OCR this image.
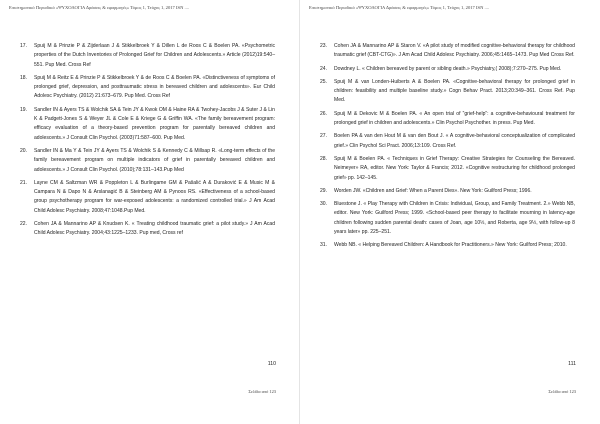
Επιστημονικό Περιοδικό «ΨΥΧΟΛΟΓΙΑ Δράσεις & εφαρμογές» Τόμος 1, Τεύχος 1, 2017 ISN ....
17. Spuij M & Prinzie P & Zijderlaan J & Stikkelbroek Y & Dillen L de Roos C & Boelen PA. «Psychometric properties of the Dutch Inventories of Prolonged Grief for Children and Adolescents.» Article (2012)19:540–551. Pup Med. Cross Ref
18. Spuij M & Reitz E & Prinzie P & Stikkelbroek Y & de Roos C & Boelen PA. «Distinctiveness of symptoms of prolonged grief, depression, and posttraumatic stress in bereaved children and adolescents». Eur Child Adolesc Psychiatry. (2012) 21:673–679. Pup Med. Cross Ref
19. Sandler IN & Ayers TS & Wolchik SA & Tein JY & Kwok OM & Haine RA & Twohey-Jacobs J & Suter J & Lin K & Padgett-Jones S & Weyer JL & Cole E & Kriege G & Griffin WA. «The family bereavement program: efficacy evaluation of a theory-based prevention program for parentally bereaved children and adolescents.» J Consult Clin Psychol. (2003)71:587–600. Pup Med.
20. Sandler IN & Ma Y & Tein JY & Ayers TS & Wolchik S & Kennedy C & Millsap R. «Long-term effects of the family bereavement program on multiple indicators of grief in parentally bereaved children and adolescents.» J Consult Clin Psychol. (2010);78:131–143.Pup Med
21. Layne CM & Saltzman WR & Poppleton L & Burlingame GM & Pašalić A & Duraković E & Music M & Campara N & Dapo N & Arslanagić B & Steinberg AM & Pynoos RS. «Effectiveness of a school-based group psychotherapy program for war-exposed adolescents: a randomized controlled trial.» J Am Acad Child Adolesc Psychiatry. 2008;47:1048.Pup Med.
22. Cohen JA & Mannarino AP & Knudsen K. « Treating childhood traumatic grief: a pilot study.» J Am Acad Child Adolesc Psychiatry. 2004;43:1225–1233. Pup med, Cross ref
110
Σελίδα από 123
Επιστημονικό Περιοδικό «ΨΥΧΟΛΟΓΙΑ Δράσεις & εφαρμογές» Τόμος 1, Τεύχος 1, 2017 ISN ....
23. Cohen JA & Mannarino AP & Staron V. «A pilot study of modified cognitive-behavioral therapy for childhood traumatic grief (CBT-CTG)». J Am Acad Child Adolesc Psychiatry. 2006;45:1465–1473. Pup Med Cross Ref.
24. Dowdney L. « Children bereaved by parent or sibling death.» Psychiatry,( 2008);7:270–275. Pup Med.
25. Spuij M & van Londen-Huiberts A & Boelen PA. «Cognitive-behavioral therapy for prolonged grief in children: feasibility and multiple baseline study.» Cogn Behav Pract. 2013;20:349–361. Cross Ref. Pup Med.
26. Spuij M & Dekovic M & Boelen PA. « An open trial of “grief-help”: a cognitive-behavioural treatment for prolonged grief in children and adolescents.» Clin Psychol Psychother. in press. Pup Med.
27. Boelen PA & van den Hout M & van den Bout J. « A cognitive-behavioral conceptualization of complicated grief.» Clin Psychol Sci Pract. 2006;13:109. Cross Ref.
28. Spuij M & Boelen PA. « Techniques in Grief Therapy: Creative Strategies for Counseling the Bereaved. Neimeyer» RA, editor. New York: Taylor & Francis; 2012. «Cognitive restructuring for childhood prolonged grief» pp. 142–145.
29. Worden JW. «Children and Grief: When a Parent Dies». New York: Guilford Press; 1996.
30. Bluestone J. « Play Therapy with Children in Crisis: Individual, Group, and Family Treatment. 2.» Webb NB, editor. New York: Guilford Press; 1999. «School-based peer therapy to facilitate mourning in latency-age children following sudden parental death: cases of Joan, age 10½, and Roberta, age 9½, with follow-up 8 years later» pp. 225–251.
31. Webb NB. « Helping Bereaved Children: A Handbook for Practitioners.» New York: Guilford Press; 2010.
111
Σελίδα από 123
